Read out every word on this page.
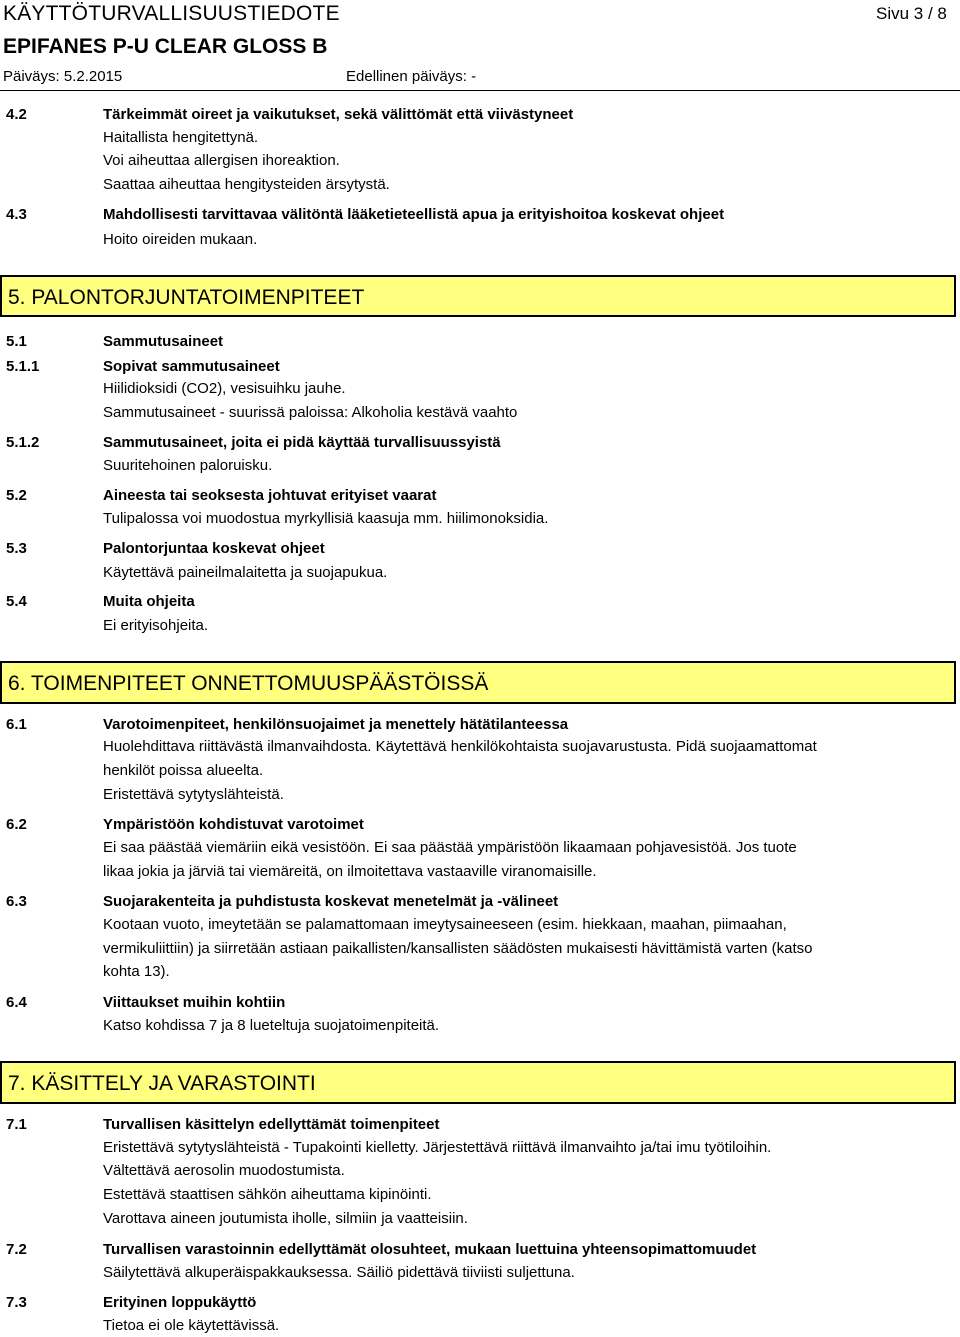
KÄYTTÖTURVALLISUUSTIEDOTE	Sivu 3 / 8
EPIFANES P-U CLEAR GLOSS B
Päiväys: 5.2.2015	Edellinen päiväys: -
4.2	Tärkeimmät oireet ja vaikutukset, sekä välittömät että viivästyneet
Haitallista hengitettynä.
Voi aiheuttaa allergisen ihoreaktion.
Saattaa aiheuttaa hengitysteiden ärsytystä.
4.3	Mahdollisesti tarvittavaa välitöntä lääketieteellistä apua ja erityishoitoa koskevat ohjeet
Hoito oireiden mukaan.
5. PALONTORJUNTATOIMENPITEET
5.1	Sammutusaineet
5.1.1	Sopivat sammutusaineet
Hiilidioksidi (CO2), vesisuihku jauhe.
Sammutusaineet - suurissä paloissa: Alkoholia kestävä vaahto
5.1.2	Sammutusaineet, joita ei pidä käyttää turvallisuussyistä
Suuritehoinen paloruisku.
5.2	Aineesta tai seoksesta johtuvat erityiset vaarat
Tulipalossa voi muodostua myrkyllisiä kaasuja mm. hiilimonoksidia.
5.3	Palontorjuntaa koskevat ohjeet
Käytettävä paineilmalaitetta ja suojapukua.
5.4	Muita ohjeita
Ei erityisohjeita.
6. TOIMENPITEET ONNETTOMUUSPÄÄSTÖISSÄ
6.1	Varotoimenpiteet, henkilönsuojaimet ja menettely hätätilanteessa
Huolehdittava riittävästä ilmanvaihdosta. Käytettävä henkilökohtaista suojavarustusta. Pidä suojaamattomat
henkilöt poissa alueelta.
Eristettävä sytytyslähteistä.
6.2	Ympäristöön kohdistuvat varotoimet
Ei saa päästää viemäriin eikä vesistöön. Ei saa päästää ympäristöön likaamaan pohjavesistöä. Jos tuote
likaa jokia ja järviä tai viemäreitä, on ilmoitettava vastaaville viranomaisille.
6.3	Suojarakenteita ja puhdistusta koskevat menetelmät ja -välineet
Kootaan vuoto, imeytetään se palamattomaan imeytysaineeseen (esim. hiekkaan, maahan, piimaahan,
vermikuliittiin) ja siirretään astiaan paikallisten/kansallisten säädösten mukaisesti hävittämistä varten (katso
kohta 13).
6.4	Viittaukset muihin kohtiin
Katso kohdissa 7 ja 8 lueteltuja suojatoimenpiteitä.
7. KÄSITTELY JA VARASTOINTI
7.1	Turvallisen käsittelyn edellyttämät toimenpiteet
Eristettävä sytytyslähteistä - Tupakointi kielletty. Järjestettävä riittävä ilmanvaihto ja/tai imu työtiloihin.
Vältettävä aerosolin muodostumista.
Estettävä staattisen sähkön aiheuttama kipinöinti.
Varottava aineen joutumista iholle, silmiin ja vaatteisiin.
7.2	Turvallisen varastoinnin edellyttämät olosuhteet, mukaan luettuina yhteensopimattomuudet
Säilytettävä alkuperäispakkauksessa. Säiliö pidettävä tiiviisti suljettuna.
7.3	Erityinen loppukäyttö
Tietoa ei ole käytettävissä.
